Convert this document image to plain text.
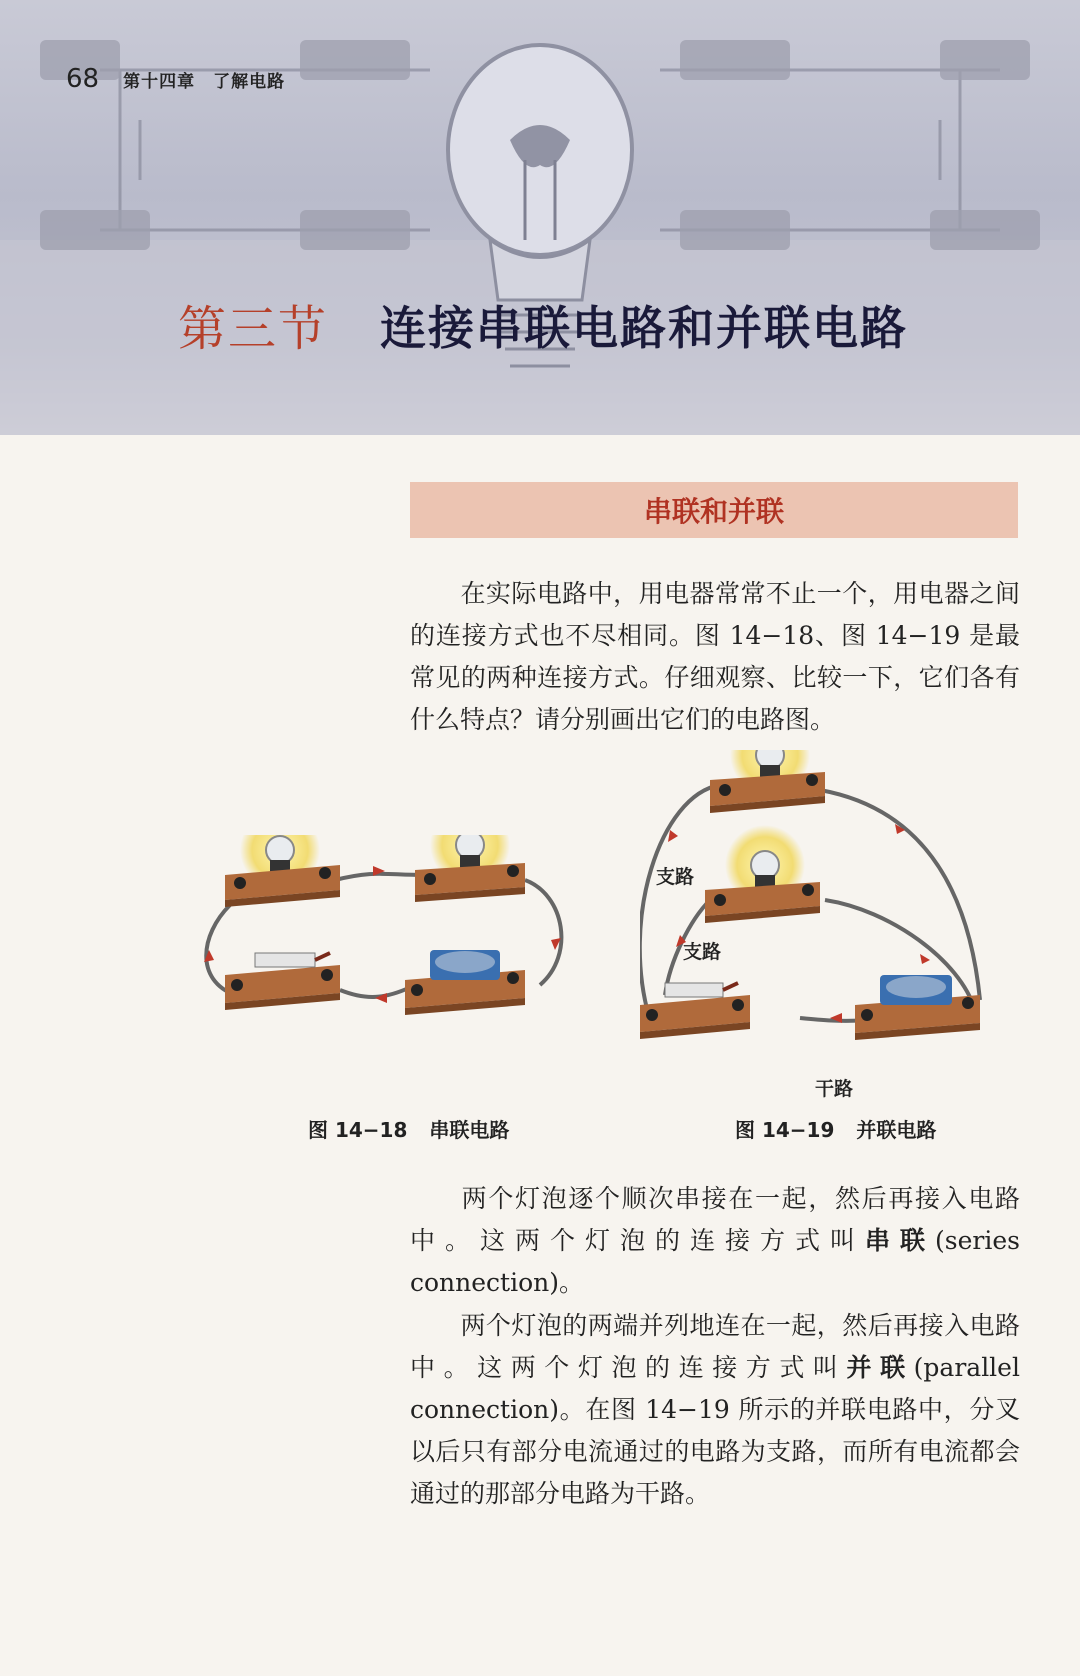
68 第十四章　了解电路
第三节 连接串联电路和并联电路
串联和并联

在实际电路中，用电器常常不止一个，用电器之间的连接方式也不尽相同。图 14−18、图 14−19 是最常见的两种连接方式。仔细观察、比较一下，它们各有什么特点？请分别画出它们的电路图。

图 14−18 串联电路
支路
支路
干路
图 14−19 并联电路

两个灯泡逐个顺次串接在一起，然后再接入电路中。这两个灯泡的连接方式叫串联(series connection)。

两个灯泡的两端并列地连在一起，然后再接入电路中。这两个灯泡的连接方式叫并联(parallel connection)。在图 14−19 所示的并联电路中，分叉以后只有部分电流通过的电路为支路，而所有电流都会通过的那部分电路为干路。
